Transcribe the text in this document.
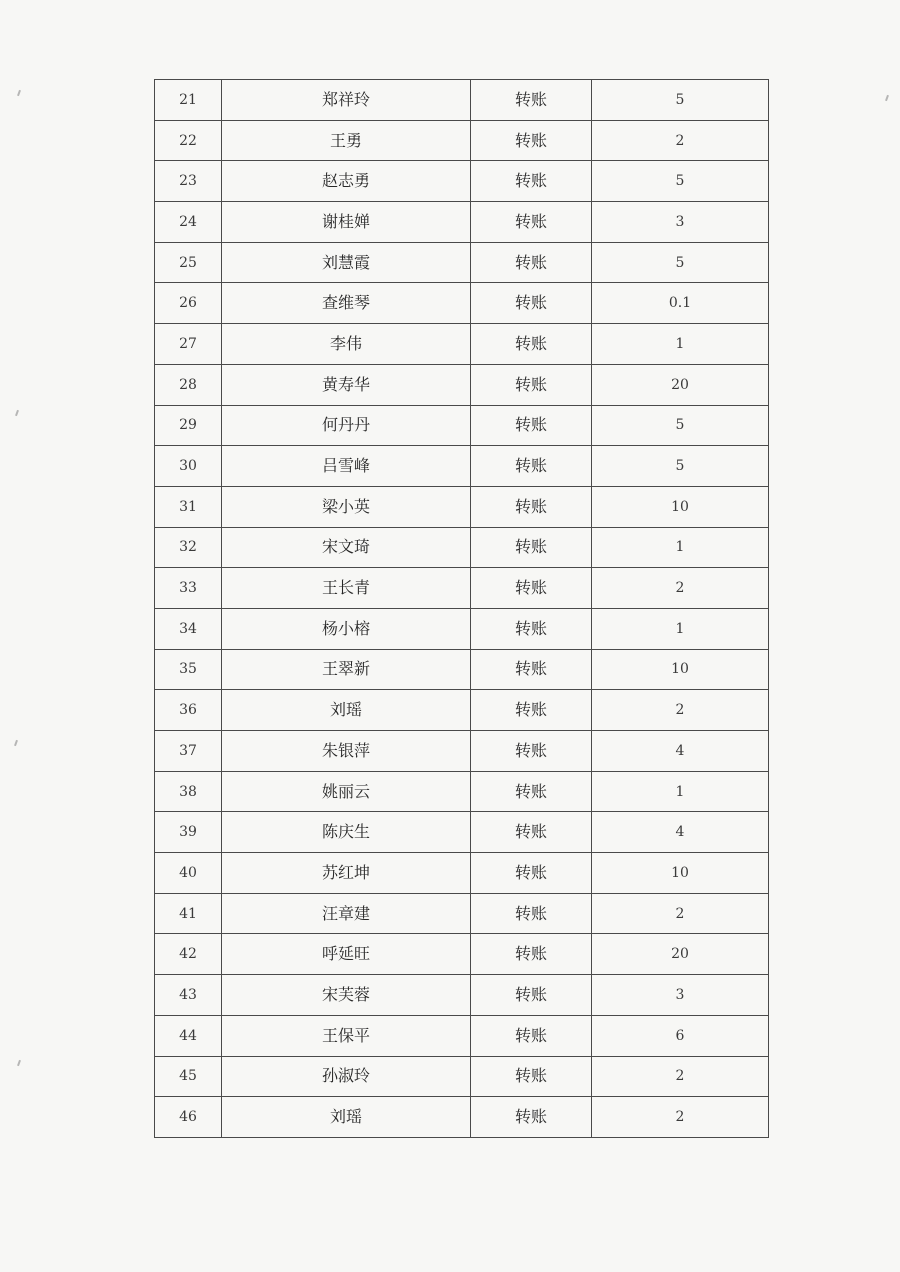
21	郑祥玲	转账	5
22	王勇	转账	2
23	赵志勇	转账	5
24	谢桂婵	转账	3
25	刘慧霞	转账	5
26	查维琴	转账	0.1
27	李伟	转账	1
28	黄寿华	转账	20
29	何丹丹	转账	5
30	吕雪峰	转账	5
31	梁小英	转账	10
32	宋文琦	转账	1
33	王长青	转账	2
34	杨小榕	转账	1
35	王翠新	转账	10
36	刘瑶	转账	2
37	朱银萍	转账	4
38	姚丽云	转账	1
39	陈庆生	转账	4
40	苏红坤	转账	10
41	汪章建	转账	2
42	呼延旺	转账	20
43	宋芙蓉	转账	3
44	王保平	转账	6
45	孙淑玲	转账	2
46	刘瑶	转账	2
